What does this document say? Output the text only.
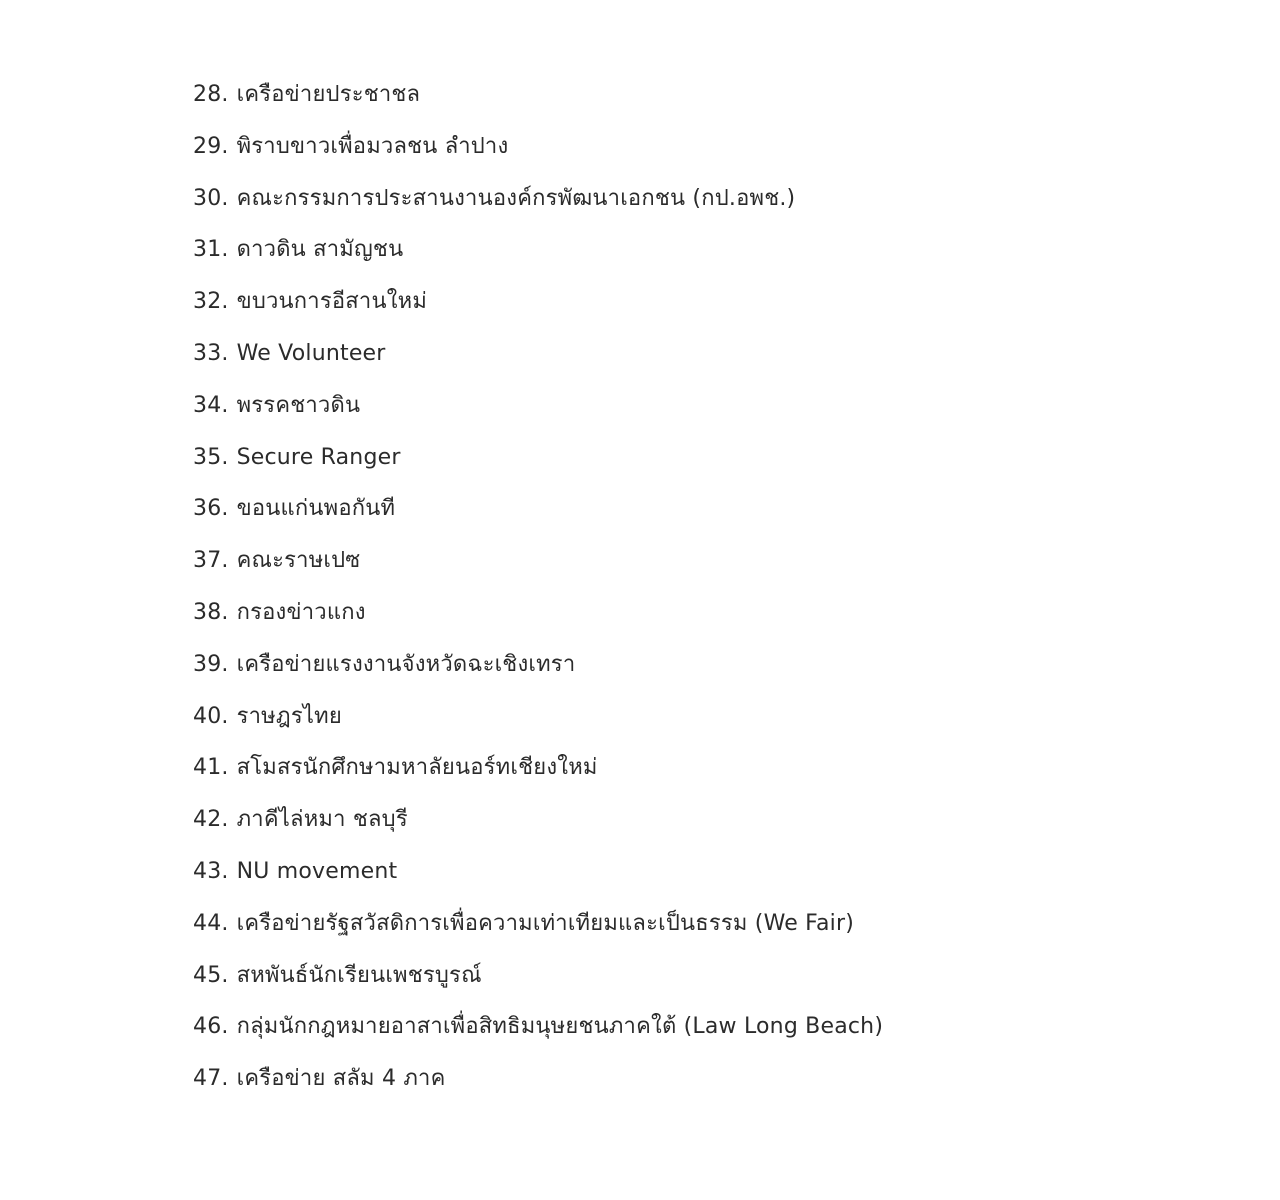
28. เครือข่ายประชาชล
29. พิราบขาวเพื่อมวลชน ลำปาง
30. คณะกรรมการประสานงานองค์กรพัฒนาเอกชน (กป.อพช.)
31. ดาวดิน สามัญชน
32. ขบวนการอีสานใหม่
33. We Volunteer
34. พรรคชาวดิน
35. Secure Ranger
36. ขอนแก่นพอกันที
37. คณะราษเปซ
38. กรองข่าวแกง
39. เครือข่ายแรงงานจังหวัดฉะเชิงเทรา
40. ราษฎรไทย
41. สโมสรนักศึกษามหาลัยนอร์ทเชียงใหม่
42. ภาคีไล่หมา ชลบุรี
43. NU movement
44. เครือข่ายรัฐสวัสดิการเพื่อความเท่าเทียมและเป็นธรรม (We Fair)
45. สหพันธ์นักเรียนเพชรบูรณ์
46. กลุ่มนักกฎหมายอาสาเพื่อสิทธิมนุษยชนภาคใต้ (Law Long Beach)
47. เครือข่าย สลัม 4 ภาค
